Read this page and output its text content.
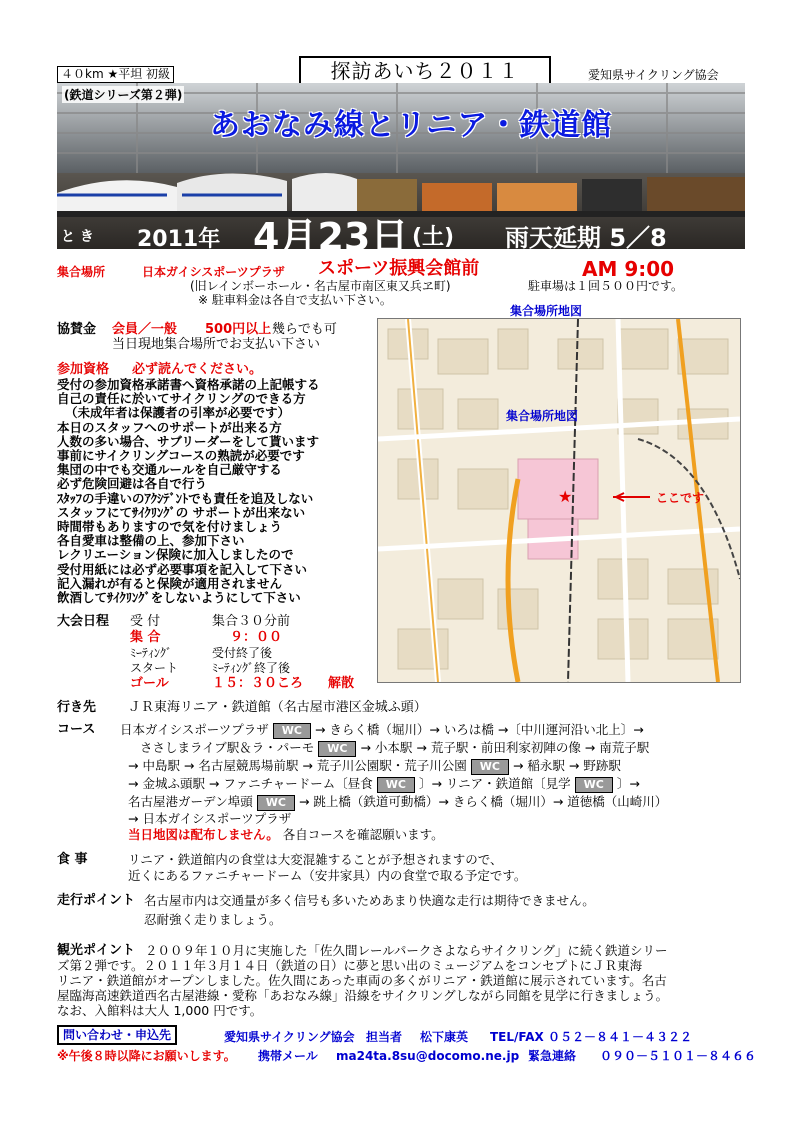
４０km ★平坦 初級	探訪あいち２０１１	愛知県サイクリング協会
(鉄道シリーズ第２弾)
あおなみ線とリニア・鉄道館
と き 2011年 4月23日 (土) 雨天延期 5／8
集合場所	日本ガイシスポーツプラザ スポーツ振興会館前	AM 9:00
(旧レインボーホール・名古屋市南区東又兵ヱ町)	駐車場は１回５００円です。
※ 駐車料金は各自で支払い下さい。
集合場所地図
協賛金 会員／一般 500円以上 幾らでも可
当日現地集合場所でお支払い下さい
参加資格 必ず読んでください。
受付の参加資格承諾書へ資格承諾の上記帳する
自己の責任に於いてサイクリングのできる方
（未成年者は保護者の引率が必要です）
本日のスタッフへのサポートが出来る方
人数の多い場合、サブリーダーをして貰います
事前にサイクリングコースの熟読が必要です
集団の中でも交通ルールを自己厳守する
必ず危険回避は各自で行う
ｽﾀｯﾌの手違いのｱｸｼﾃﾞﾝﾄでも責任を追及しない
スタッフにてｻｲｸﾘﾝｸﾞの サポートが出来ない
時間帯もありますので気を付けましょう
各自愛車は整備の上、参加下さい
レクリエーション保険に加入しましたので
受付用紙には必ず必要事項を記入して下さい
記入漏れが有ると保険が適用されません
飲酒してｻｲｸﾘﾝｸﾞをしないようにして下さい
集合場所地図
★	ここです
大会日程 受 付	集合３０分前
集 合	９：００
ﾐｰﾃｨﾝｸﾞ	受付終了後
スタート	ﾐｰﾃｨﾝｸﾞ終了後
ゴール	１５：３０ころ 解散
行き先 ＪＲ東海リニア・鉄道館（名古屋市港区金城ふ頭）
コース 日本ガイシスポーツプラザ WC → きらく橋（堀川）→ いろは橋 →〔中川運河沿い北上〕→
ささしまライブ駅＆ラ・パーモ WC → 小本駅 → 荒子駅・前田利家初陣の像 → 南荒子駅
→ 中島駅 → 名古屋競馬場前駅 → 荒子川公園駅・荒子川公園 WC → 稲永駅 → 野跡駅
→ 金城ふ頭駅 → ファニチャードーム〔昼食 WC 〕→ リニア・鉄道館〔見学 WC 〕→
名古屋港ガーデン埠頭 WC → 跳上橋（鉄道可動橋）→ きらく橋（堀川）→ 道徳橋（山崎川）
→ 日本ガイシスポーツプラザ
当日地図は配布しません。 各自コースを確認願います。
食 事	リニア・鉄道館内の食堂は大変混雑することが予想されますので、
近くにあるファニチャードーム（安井家具）内の食堂で取る予定です。
走行ポイント 名古屋市内は交通量が多く信号も多いためあまり快適な走行は期待できません。
忍耐強く走りましょう。
観光ポイント ２００９年１０月に実施した「佐久間レールパークさよならサイクリング」に続く鉄道シリー
ズ第２弾です。２０１１年３月１４日（鉄道の日）に夢と思い出のミュージアムをコンセプトにＪＲ東海
リニア・鉄道館がオープンしました。佐久間にあった車両の多くがリニア・鉄道館に展示されています。名古
屋臨海高速鉄道西名古屋港線・愛称「あおなみ線」沿線をサイクリングしながら同館を見学に行きましょう。
なお、入館料は大人 1,000 円です。
問い合わせ・申込先	愛知県サイクリング協会 担当者 松下康英 TEL/FAX ０５２－８４１－４３２２
※午後８時以降にお願いします。 携帯メール ma24ta.8su@docomo.ne.jp 緊急連絡 ０９０－５１０１－８４６６
